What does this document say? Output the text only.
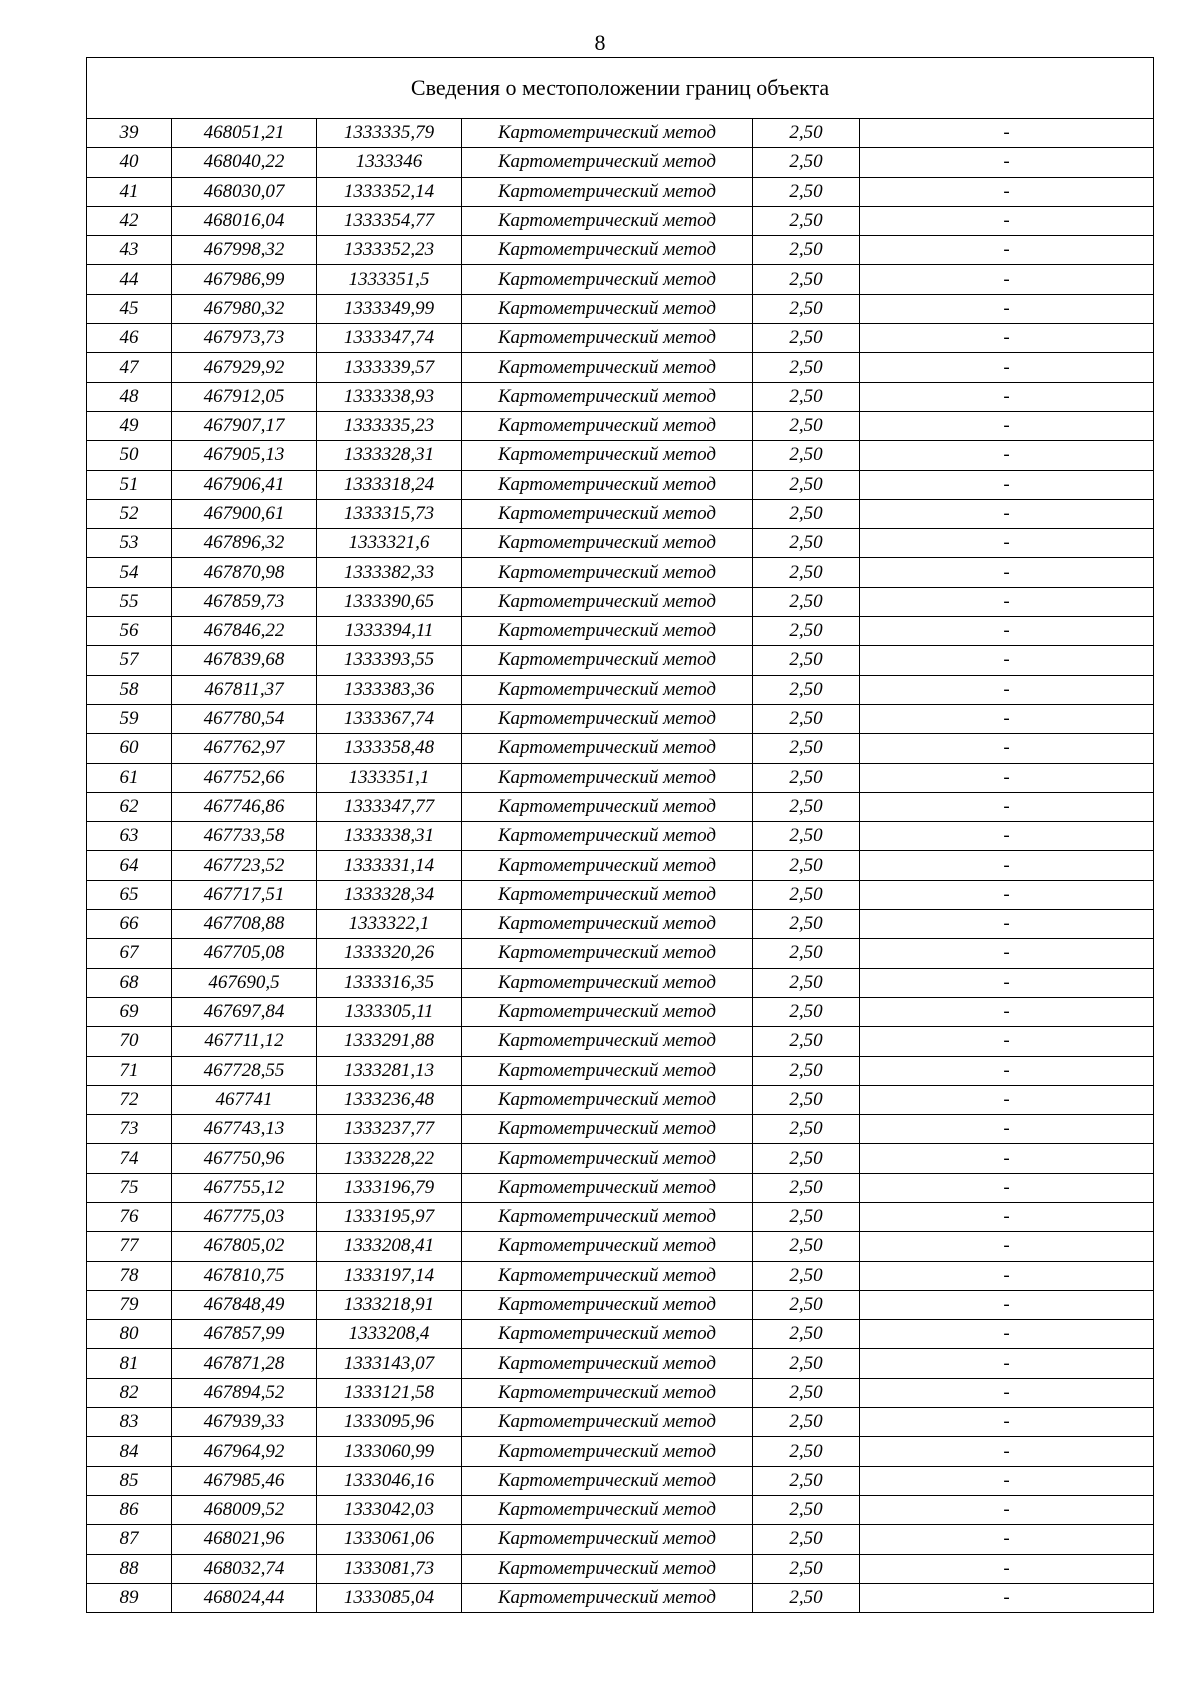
8
Сведения о местоположении границ объекта					
39	468051,21	1333335,79	Картометрический метод	2,50	-
40	468040,22	1333346	Картометрический метод	2,50	-
41	468030,07	1333352,14	Картометрический метод	2,50	-
42	468016,04	1333354,77	Картометрический метод	2,50	-
43	467998,32	1333352,23	Картометрический метод	2,50	-
44	467986,99	1333351,5	Картометрический метод	2,50	-
45	467980,32	1333349,99	Картометрический метод	2,50	-
46	467973,73	1333347,74	Картометрический метод	2,50	-
47	467929,92	1333339,57	Картометрический метод	2,50	-
48	467912,05	1333338,93	Картометрический метод	2,50	-
49	467907,17	1333335,23	Картометрический метод	2,50	-
50	467905,13	1333328,31	Картометрический метод	2,50	-
51	467906,41	1333318,24	Картометрический метод	2,50	-
52	467900,61	1333315,73	Картометрический метод	2,50	-
53	467896,32	1333321,6	Картометрический метод	2,50	-
54	467870,98	1333382,33	Картометрический метод	2,50	-
55	467859,73	1333390,65	Картометрический метод	2,50	-
56	467846,22	1333394,11	Картометрический метод	2,50	-
57	467839,68	1333393,55	Картометрический метод	2,50	-
58	467811,37	1333383,36	Картометрический метод	2,50	-
59	467780,54	1333367,74	Картометрический метод	2,50	-
60	467762,97	1333358,48	Картометрический метод	2,50	-
61	467752,66	1333351,1	Картометрический метод	2,50	-
62	467746,86	1333347,77	Картометрический метод	2,50	-
63	467733,58	1333338,31	Картометрический метод	2,50	-
64	467723,52	1333331,14	Картометрический метод	2,50	-
65	467717,51	1333328,34	Картометрический метод	2,50	-
66	467708,88	1333322,1	Картометрический метод	2,50	-
67	467705,08	1333320,26	Картометрический метод	2,50	-
68	467690,5	1333316,35	Картометрический метод	2,50	-
69	467697,84	1333305,11	Картометрический метод	2,50	-
70	467711,12	1333291,88	Картометрический метод	2,50	-
71	467728,55	1333281,13	Картометрический метод	2,50	-
72	467741	1333236,48	Картометрический метод	2,50	-
73	467743,13	1333237,77	Картометрический метод	2,50	-
74	467750,96	1333228,22	Картометрический метод	2,50	-
75	467755,12	1333196,79	Картометрический метод	2,50	-
76	467775,03	1333195,97	Картометрический метод	2,50	-
77	467805,02	1333208,41	Картометрический метод	2,50	-
78	467810,75	1333197,14	Картометрический метод	2,50	-
79	467848,49	1333218,91	Картометрический метод	2,50	-
80	467857,99	1333208,4	Картометрический метод	2,50	-
81	467871,28	1333143,07	Картометрический метод	2,50	-
82	467894,52	1333121,58	Картометрический метод	2,50	-
83	467939,33	1333095,96	Картометрический метод	2,50	-
84	467964,92	1333060,99	Картометрический метод	2,50	-
85	467985,46	1333046,16	Картометрический метод	2,50	-
86	468009,52	1333042,03	Картометрический метод	2,50	-
87	468021,96	1333061,06	Картометрический метод	2,50	-
88	468032,74	1333081,73	Картометрический метод	2,50	-
89	468024,44	1333085,04	Картометрический метод	2,50	-
